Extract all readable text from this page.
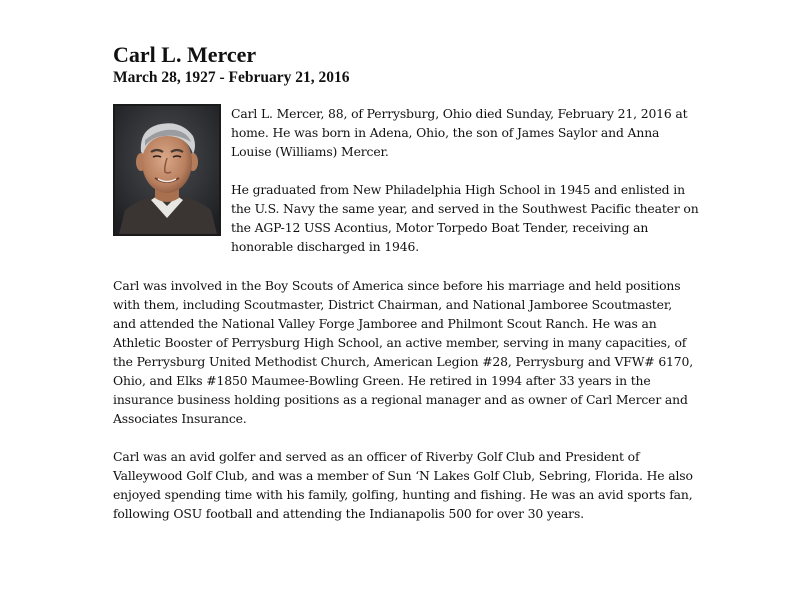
Carl L. Mercer
March 28, 1927 - February 21, 2016

Carl L. Mercer, 88, of Perrysburg, Ohio died Sunday, February 21, 2016 at home. He was born in Adena, Ohio, the son of James Saylor and Anna Louise (Williams) Mercer.

He graduated from New Philadelphia High School in 1945 and enlisted in the U.S. Navy the same year, and served in the Southwest Pacific theater on the AGP-12 USS Acontius, Motor Torpedo Boat Tender, receiving an honorable discharged in 1946.

Carl was involved in the Boy Scouts of America since before his marriage and held positions with them, including Scoutmaster, District Chairman, and National Jamboree Scoutmaster, and attended the National Valley Forge Jamboree and Philmont Scout Ranch. He was an Athletic Booster of Perrysburg High School, an active member, serving in many capacities, of the Perrysburg United Methodist Church, American Legion #28, Perrysburg and VFW# 6170, Ohio, and Elks #1850 Maumee-Bowling Green. He retired in 1994 after 33 years in the insurance business holding positions as a regional manager and as owner of Carl Mercer and Associates Insurance.

Carl was an avid golfer and served as an officer of Riverby Golf Club and President of Valleywood Golf Club, and was a member of Sun ‘N Lakes Golf Club, Sebring, Florida. He also enjoyed spending time with his family, golfing, hunting and fishing. He was an avid sports fan, following OSU football and attending the Indianapolis 500 for over 30 years.
